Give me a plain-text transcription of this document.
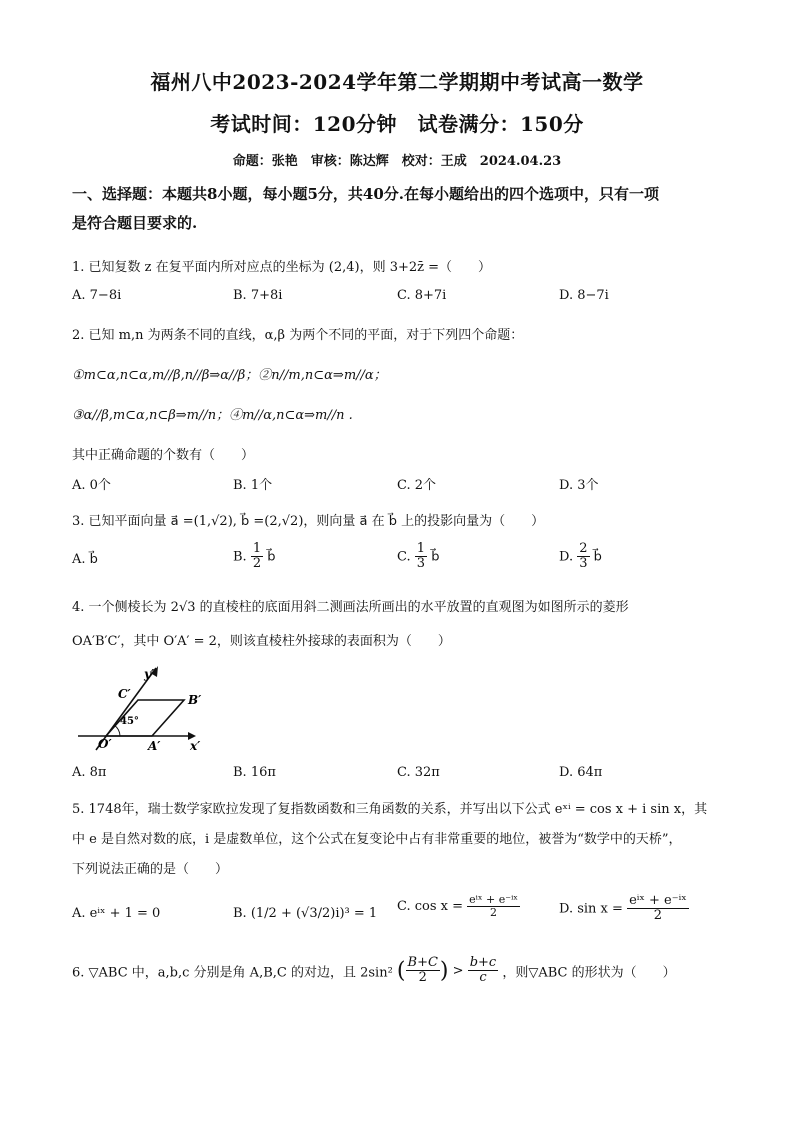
福州八中2023-2024学年第二学期期中考试高一数学
考试时间：120分钟　试卷满分：150分
命题：张艳　审核：陈达辉　校对：王成　2024.04.23
一、选择题：本题共8小题，每小题5分，共40分.在每小题给出的四个选项中，只有一项
是符合题目要求的.
1. 已知复数 z 在复平面内所对应点的坐标为 (2,4)，则 3+2z̄ =（　　）
A. 7−8i	B. 7+8i	C. 8+7i	D. 8−7i
2. 已知 m,n 为两条不同的直线，α,β 为两个不同的平面，对于下列四个命题：
①m⊂α,n⊂α,m//β,n//β⇒α//β；②n//m,n⊂α⇒m//α；
③α//β,m⊂α,n⊂β⇒m//n；④m//α,n⊂α⇒m//n .
其中正确命题的个数有（　　）
A. 0个	B. 1个	C. 2个	D. 3个
3. 已知平面向量 a⃗ =(1,√2), b⃗ =(2,√2)，则向量 a⃗ 在 b⃗ 上的投影向量为（　　）
A. b⃗	B. $\frac{1}{2}$ b⃗	C. $\frac{1}{3}$ b⃗	D. $\frac{2}{3}$ b⃗
4. 一个侧棱长为 2√3 的直棱柱的底面用斜二测画法所画出的水平放置的直观图为如图所示的菱形
OA′B′C′，其中 O′A′ = 2，则该直棱柱外接球的表面积为（　　）
y′
C′	B′
45°
O′	A′ x′
A. 8π	B. 16π	C. 32π	D. 64π
5. 1748年，瑞士数学家欧拉发现了复指数函数和三角函数的关系，并写出以下公式 eˣⁱ = cos x + i sin x，其
中 e 是自然对数的底，i 是虚数单位，这个公式在复变论中占有非常重要的地位，被誉为“数学中的天桥”，
下列说法正确的是（　　）
A. eⁱˣ + 1 = 0	B. (1/2 + (√3/2)i)³ = 1 C. $\cos x = \frac{\text{eⁱˣ + e⁻ⁱˣ}}{2}$	D. $\sin x = \frac{\text{eⁱˣ + e⁻ⁱˣ}}{2}$
6. ▽ABC 中，a,b,c 分别是角 A,B,C 的对边，且 2sin² ( $\frac{B+C}{2}$ ) > $\frac{b+c}{c}$ ，则▽ABC 的形状为（　　）
